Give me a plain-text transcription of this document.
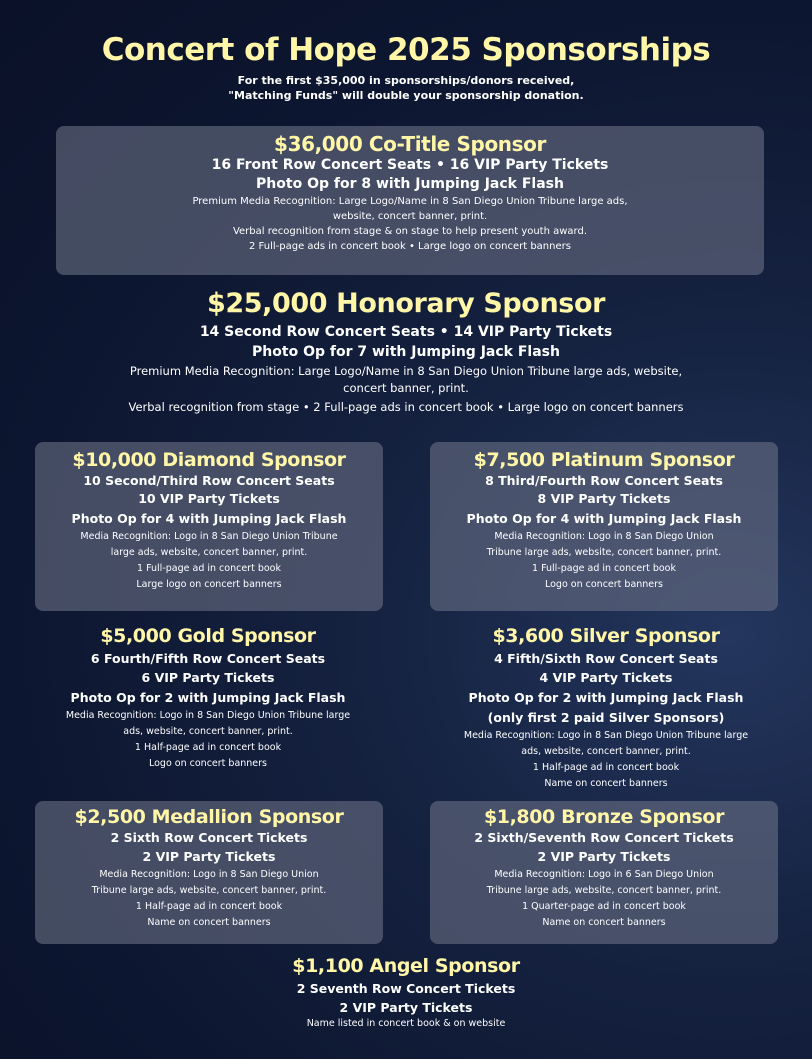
Concert of Hope 2025 Sponsorships
For the first $35,000 in sponsorships/donors received,
"Matching Funds" will double your sponsorship donation.
$36,000 Co-Title Sponsor
16 Front Row Concert Seats • 16 VIP Party Tickets
Photo Op for 8 with Jumping Jack Flash
Premium Media Recognition: Large Logo/Name in 8 San Diego Union Tribune large ads,
website, concert banner, print.
Verbal recognition from stage & on stage to help present youth award.
2 Full-page ads in concert book • Large logo on concert banners
$25,000 Honorary Sponsor
14 Second Row Concert Seats • 14 VIP Party Tickets
Photo Op for 7 with Jumping Jack Flash
Premium Media Recognition: Large Logo/Name in 8 San Diego Union Tribune large ads, website,
concert banner, print.
Verbal recognition from stage • 2 Full-page ads in concert book • Large logo on concert banners
$10,000 Diamond Sponsor
10 Second/Third Row Concert Seats
10 VIP Party Tickets
Photo Op for 4 with Jumping Jack Flash
Media Recognition: Logo in 8 San Diego Union Tribune
large ads, website, concert banner, print.
1 Full-page ad in concert book
Large logo on concert banners
$7,500 Platinum Sponsor
8 Third/Fourth Row Concert Seats
8 VIP Party Tickets
Photo Op for 4 with Jumping Jack Flash
Media Recognition: Logo in 8 San Diego Union
Tribune large ads, website, concert banner, print.
1 Full-page ad in concert book
Logo on concert banners
$5,000 Gold Sponsor
6 Fourth/Fifth Row Concert Seats
6 VIP Party Tickets
Photo Op for 2 with Jumping Jack Flash
Media Recognition: Logo in 8 San Diego Union Tribune large
ads, website, concert banner, print.
1 Half-page ad in concert book
Logo on concert banners
$3,600 Silver Sponsor
4 Fifth/Sixth Row Concert Seats
4 VIP Party Tickets
Photo Op for 2 with Jumping Jack Flash
(only first 2 paid Silver Sponsors)
Media Recognition: Logo in 8 San Diego Union Tribune large
ads, website, concert banner, print.
1 Half-page ad in concert book
Name on concert banners
$2,500 Medallion Sponsor
2 Sixth Row Concert Tickets
2 VIP Party Tickets
Media Recognition: Logo in 8 San Diego Union
Tribune large ads, website, concert banner, print.
1 Half-page ad in concert book
Name on concert banners
$1,800 Bronze Sponsor
2 Sixth/Seventh Row Concert Tickets
2 VIP Party Tickets
Media Recognition: Logo in 6 San Diego Union
Tribune large ads, website, concert banner, print.
1 Quarter-page ad in concert book
Name on concert banners
$1,100 Angel Sponsor
2 Seventh Row Concert Tickets
2 VIP Party Tickets
Name listed in concert book & on website
